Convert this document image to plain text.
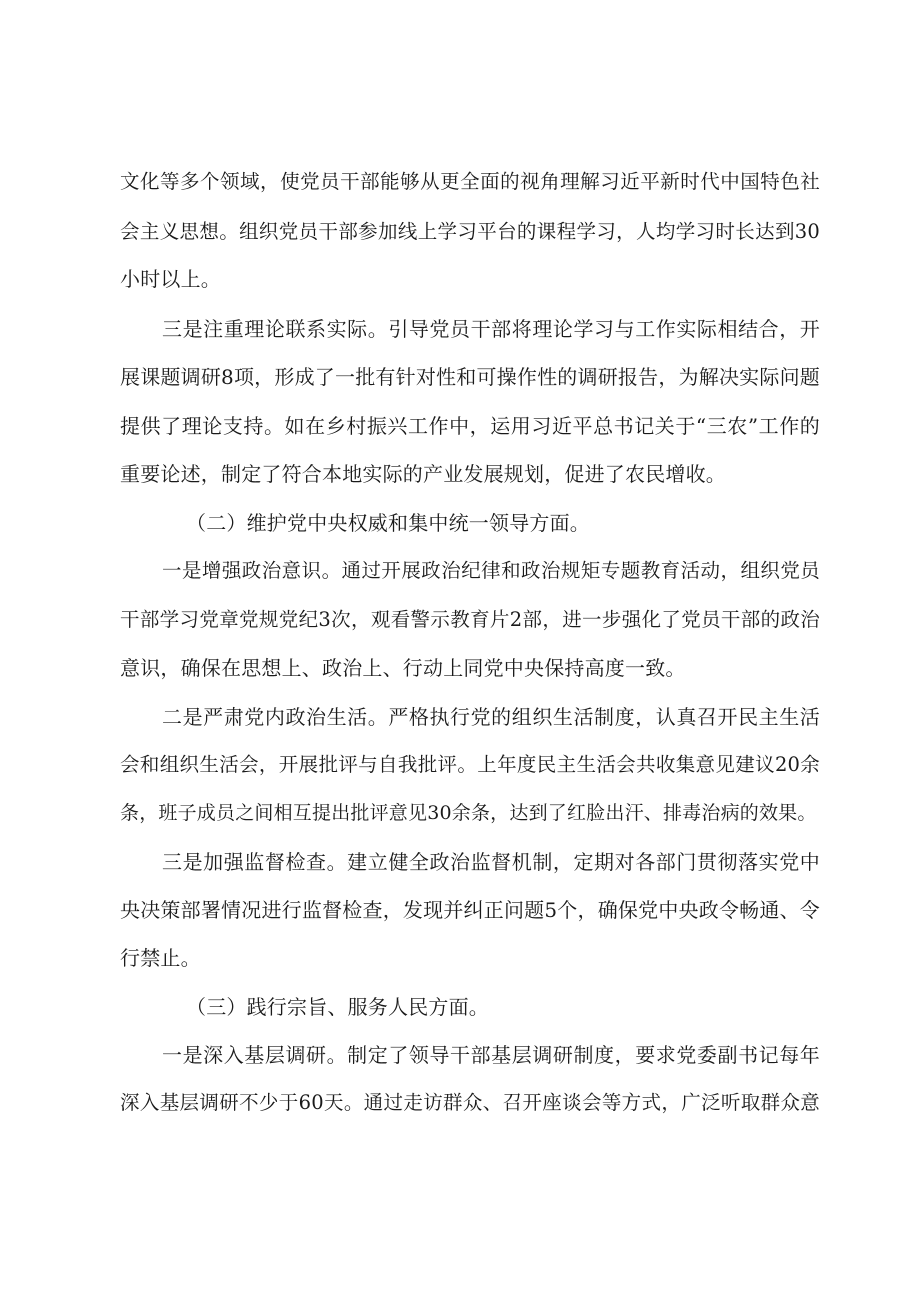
文化等多个领域，使党员干部能够从更全面的视角理解习近平新时代中国特色社
会主义思想。组织党员干部参加线上学习平台的课程学习，人均学习时长达到30
小时以上。
三是注重理论联系实际。引导党员干部将理论学习与工作实际相结合，开
展课题调研8项，形成了一批有针对性和可操作性的调研报告，为解决实际问题
提供了理论支持。如在乡村振兴工作中，运用习近平总书记关于“三农”工作的
重要论述，制定了符合本地实际的产业发展规划，促进了农民增收。
（二）维护党中央权威和集中统一领导方面。
一是增强政治意识。通过开展政治纪律和政治规矩专题教育活动，组织党员
干部学习党章党规党纪3次，观看警示教育片2部，进一步强化了党员干部的政治
意识，确保在思想上、政治上、行动上同党中央保持高度一致。
二是严肃党内政治生活。严格执行党的组织生活制度，认真召开民主生活
会和组织生活会，开展批评与自我批评。上年度民主生活会共收集意见建议20余
条，班子成员之间相互提出批评意见30余条，达到了红脸出汗、排毒治病的效果。
三是加强监督检查。建立健全政治监督机制，定期对各部门贯彻落实党中
央决策部署情况进行监督检查，发现并纠正问题5个，确保党中央政令畅通、令
行禁止。
（三）践行宗旨、服务人民方面。
一是深入基层调研。制定了领导干部基层调研制度，要求党委副书记每年
深入基层调研不少于60天。通过走访群众、召开座谈会等方式，广泛听取群众意
